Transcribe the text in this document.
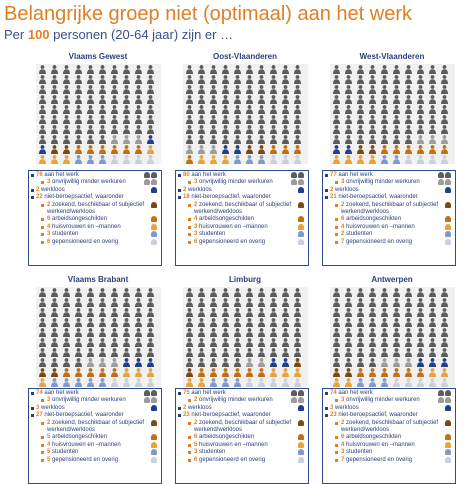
Belangrijke groep niet (optimaal) aan het werk
Per 100 personen (20-64 jaar) zijn er …
Vlaams Gewest
76 aan het werk
3 onvrijwillig minder werkuren
2 werkloos
22 niet-beroepsactief, waaronder
2 zoekend, beschikbaar of subjectief werkend/werkloos
6 arbeidsongeschikten
4 huisvrouwen en –mannen
3 studenten
6 gepensioneerd en overig
Oost-Vlaanderen
80 aan het werk
3 onvrijwillig minder werkuren
2 werkloos
18 niet-beroepsactief, waaronder
2 zoekend, beschikbaar of subjectief werkend/werkloos
4 arbeidsongeschikten
3 huisvrouwen en –mannen
3 studenten
6 gepensioneerd en overig
West-Vlaanderen
77 aan het werk
3 onvrijwillig minder werkuren
2 werkloos
21 niet-beroepsactief, waaronder
2 zoekend, beschikbaar of subjectief werkend/werkloos
6 arbeidsongeschikten
4 huisvrouwen en –mannen
2 studenten
7 gepensioneerd en overig
Vlaams Brabant
74 aan het werk
3 onvrijwillig minder werkuren
3 werkloos
27 niet-beroepsactief, waaronder
2 zoekend, beschikbaar of subjectief werkend/werkloos
5 arbeidsongeschikten
4 huisvrouwen en –mannen
5 studenten
5 gepensioneerd en overig
Limburg
75 aan het werk
2 onvrijwillig minder werkuren
2 werkloos
23 niet-beroepsactief, waaronder
2 zoekend, beschikbaar of subjectief werkend/werkloos
6 arbeidsongeschikten
5 huisvrouwen en –mannen
3 studenten
6 gepensioneerd en overig
Antwerpen
74 aan het werk
3 onvrijwillig minder werkuren
3 werkloos
23 niet-beroepsactief, waaronder
2 zoekend, beschikbaar of subjectief werkend/werkloos
6 arbeidsongeschikten
4 huisvrouwen en –mannen
3 studenten
7 gepensioneerd en overig
